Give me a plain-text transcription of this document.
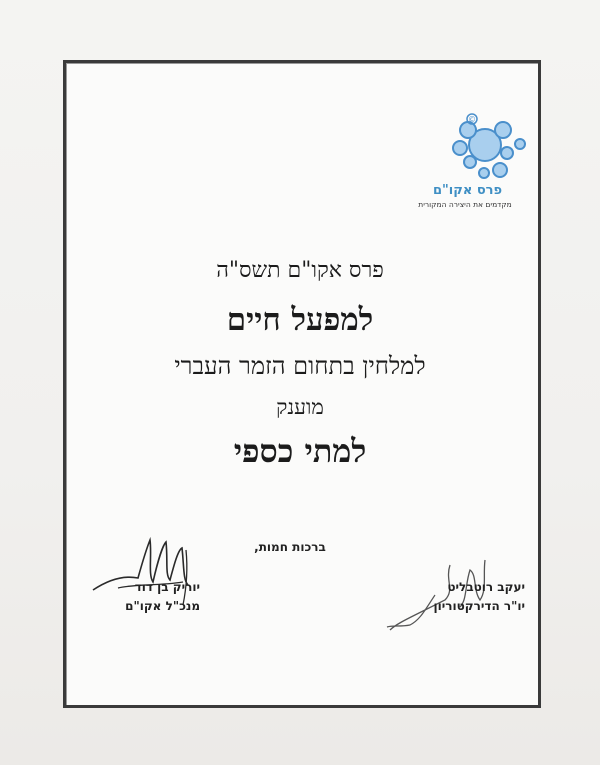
©
פרס אקו"ם
מקדמים את היצירה המקורית
פרס אקו"ם תשס"ה
למפעל חיים
למלחין בתחום הזמר העברי
מוענק
למתי כספי
ברכות חמות,
יוריק בן דוד
מנכ"ל אקו"ם
יעקב רוטבליט
יו"ר הדירקטוריון
